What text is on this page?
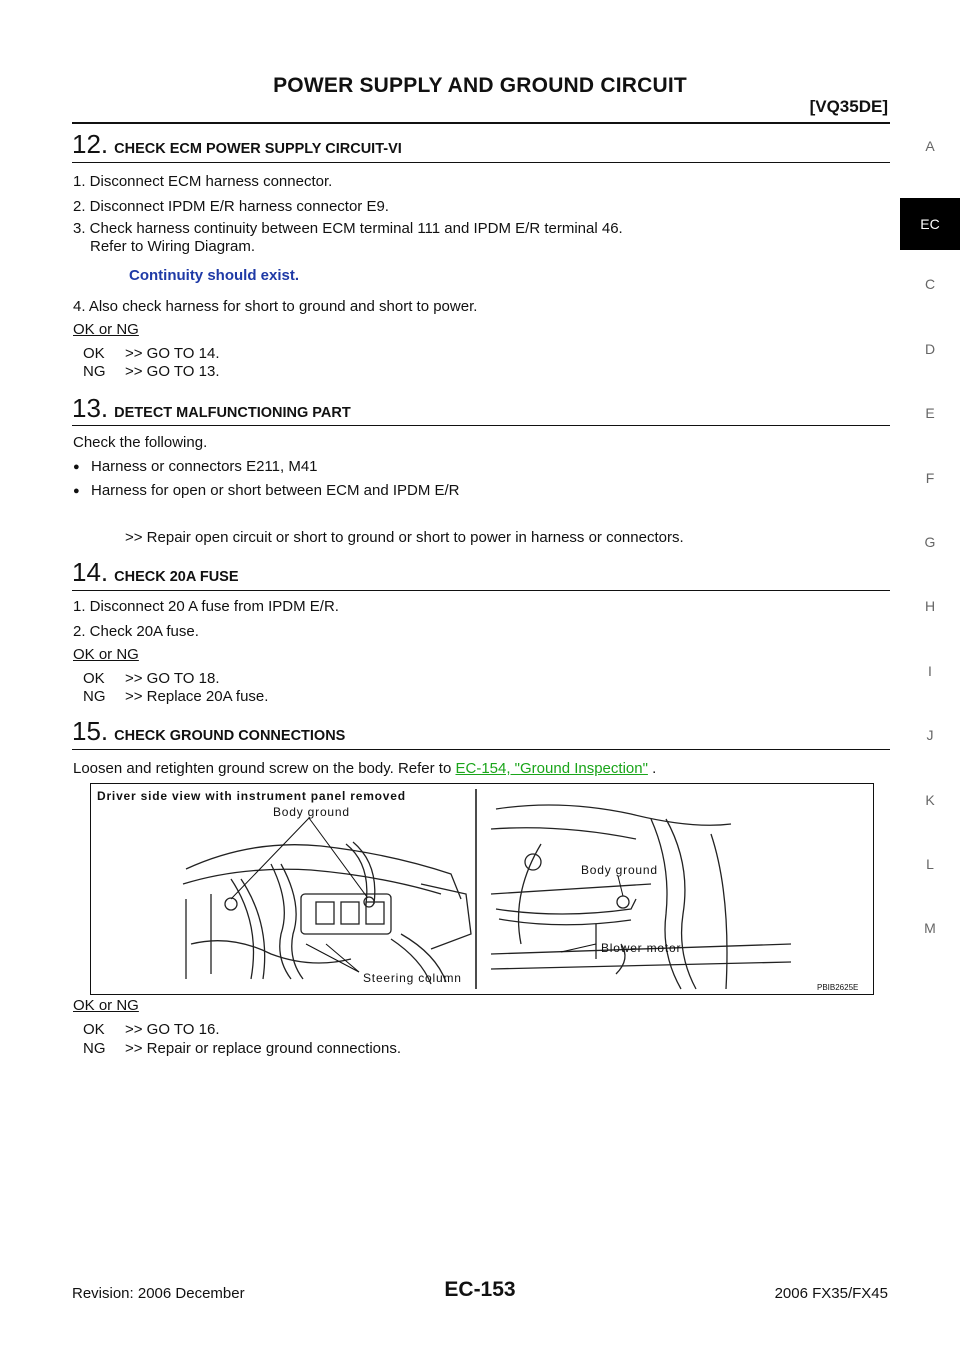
POWER SUPPLY AND GROUND CIRCUIT
[VQ35DE]
A
EC
C
D
E
F
G
H
I
J
K
L
M
12. CHECK ECM POWER SUPPLY CIRCUIT-VI
1. Disconnect ECM harness connector.
2. Disconnect IPDM E/R harness connector E9.
3. Check harness continuity between ECM terminal 111 and IPDM E/R terminal 46.
Refer to Wiring Diagram.
Continuity should exist.
4. Also check harness for short to ground and short to power.
OK or NG
OK >> GO TO 14.
NG >> GO TO 13.
13. DETECT MALFUNCTIONING PART
Check the following.
● Harness or connectors E211, M41
● Harness for open or short between ECM and IPDM E/R
>> Repair open circuit or short to ground or short to power in harness or connectors.
14. CHECK 20A FUSE
1. Disconnect 20 A fuse from IPDM E/R.
2. Check 20A fuse.
OK or NG
OK >> GO TO 18.
NG >> Replace 20A fuse.
15. CHECK GROUND CONNECTIONS
Loosen and retighten ground screw on the body. Refer to EC-154, "Ground Inspection" .
Driver side view with instrument panel removed
Body ground
Steering column
Body ground
Blower motor
PBIB2625E
OK or NG
OK >> GO TO 16.
NG >> Repair or replace ground connections.
Revision: 2006 December	EC-153	2006 FX35/FX45
